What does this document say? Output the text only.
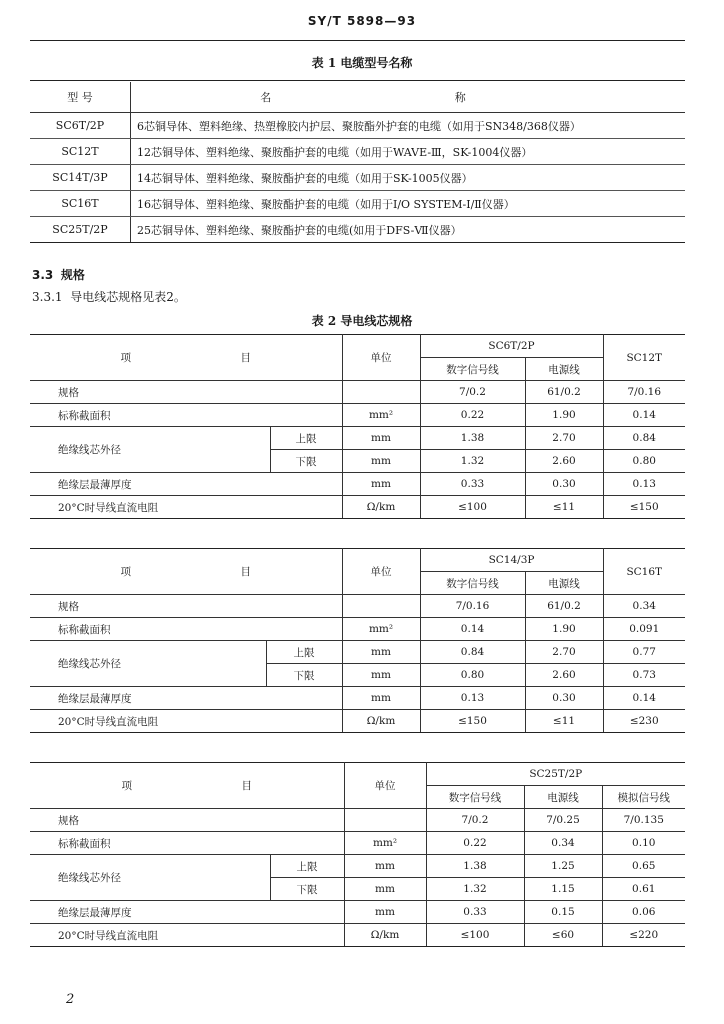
SY/T 5898—93
表 1 电缆型号名称
型 号	名 称
SC6T/2P	6芯铜导体、塑料绝缘、热塑橡胶内护层、聚胺酯外护套的电缆（如用于SN348/368仪器）
SC12T	12芯铜导体、塑料绝缘、聚胺酯护套的电缆（如用于WAVE-Ⅲ，SK-1004仪器）
SC14T/3P	14芯铜导体、塑料绝缘、聚胺酯护套的电缆（如用于SK-1005仪器）
SC16T	16芯铜导体、塑料绝缘、聚胺酯护套的电缆（如用于I/O SYSTEM-I/Ⅱ仪器）
SC25T/2P	25芯铜导体、塑料绝缘、聚胺酯护套的电缆(如用于DFS-Ⅶ仪器）
3.3 规格
3.3.1 导电线芯规格见表2。
表 2 导电线芯规格
项 目		单位	SC6T/2P		SC12T
			数字信号线	电源线	
规格			7/0.2	61/0.2	7/0.16
标称截面积		mm²	0.22	1.90	0.14
绝缘线芯外径	上限	mm	1.38	2.70	0.84
	下限	mm	1.32	2.60	0.80
绝缘层最薄厚度		mm	0.33	0.30	0.13
20°C时导线直流电阻		Ω/km	≤100	≤11	≤150
项 目		单位	SC14/3P		SC16T
			数字信号线	电源线	
规格			7/0.16	61/0.2	0.34
标称截面积		mm²	0.14	1.90	0.091
绝缘线芯外径	上限	mm	0.84	2.70	0.77
	下限	mm	0.80	2.60	0.73
绝缘层最薄厚度		mm	0.13	0.30	0.14
20°C时导线直流电阻		Ω/km	≤150	≤11	≤230
项 目		单位	SC25T/2P		
			数字信号线	电源线	模拟信号线
规格			7/0.2	7/0.25	7/0.135
标称截面积		mm²	0.22	0.34	0.10
绝缘线芯外径	上限	mm	1.38	1.25	0.65
	下限	mm	1.32	1.15	0.61
绝缘层最薄厚度		mm	0.33	0.15	0.06
20°C时导线直流电阻		Ω/km	≤100	≤60	≤220
2
